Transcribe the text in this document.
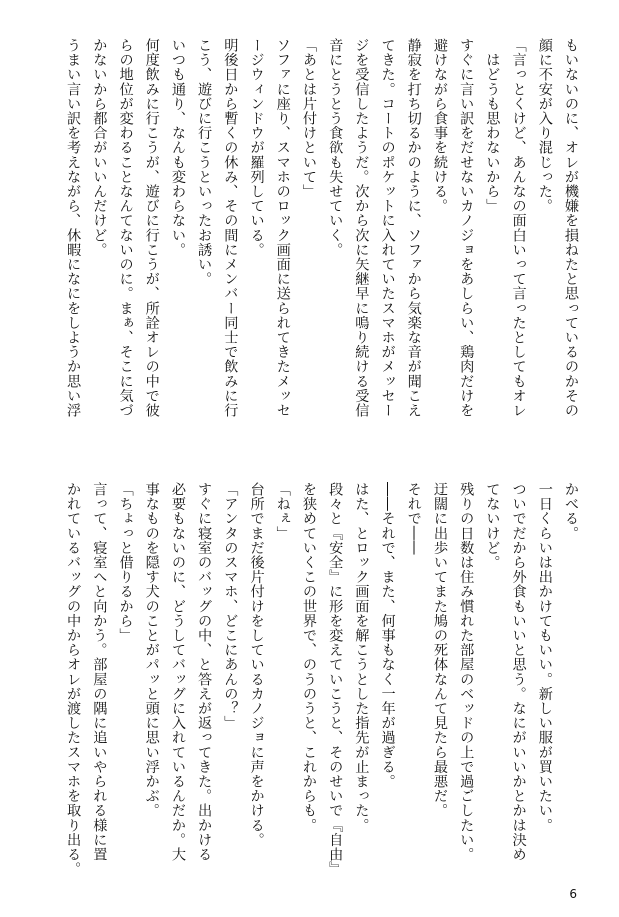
もいないのに、オレが機嫌を損ねたと思っているのかその
顔に不安が入り混じった。
「言っとくけど、あんなの面白いって言ったとしてもオレ
　はどうも思わないから」
すぐに言い訳をだせないカノジョをあしらい、鶏肉だけを
避けながら食事を続ける。
静寂を打ち切るかのように、ソファから気楽な音が聞こえ
てきた。コートのポケットに入れていたスマホがメッセー
ジを受信したようだ。次から次に矢継早に鳴り続ける受信
音にとうとう食欲も失せていく。
「あとは片付けといて」
ソファに座り、スマホのロック画面に送られてきたメッセ
ージウィンドウが羅列している。
明後日から暫くの休み、その間にメンバー同士で飲みに行
こう、遊びに行こうといったお誘い。
いつも通り、なんも変わらない。
何度飲みに行こうが、遊びに行こうが、所詮オレの中で彼
らの地位が変わることなんてないのに。まぁ、そこに気づ
かないから都合がいいんだけど。
うまい言い訳を考えながら、休暇になにをしようか思い浮
かべる。
一日くらいは出かけてもいい。新しい服が買いたい。
ついでだから外食もいいと思う。なにがいいかとかは決め
てないけど。
残りの日数は住み慣れた部屋のベッドの上で過ごしたい。
迂闊に出歩いてまた鳩の死体なんて見たら最悪だ。
それで――
――それで、また、何事もなく一年が過ぎる。
はた、とロック画面を解こうとした指先が止まった。
段々と『安全』に形を変えていこうと、そのせいで『自由』
を狭めていくこの世界で、のうのうと、これからも。
「ねぇ」
台所でまだ後片付けをしているカノジョに声をかける。
「アンタのスマホ、どこにあんの？」
すぐに寝室のバッグの中、と答えが返ってきた。出かける
必要もないのに、どうしてバッグに入れているんだか。大
事なものを隠す犬のことがパッと頭に思い浮かぶ。
「ちょっと借りるから」
言って、寝室へと向かう。部屋の隅に追いやられる様に置
かれているバッグの中からオレが渡したスマホを取り出る。
6
